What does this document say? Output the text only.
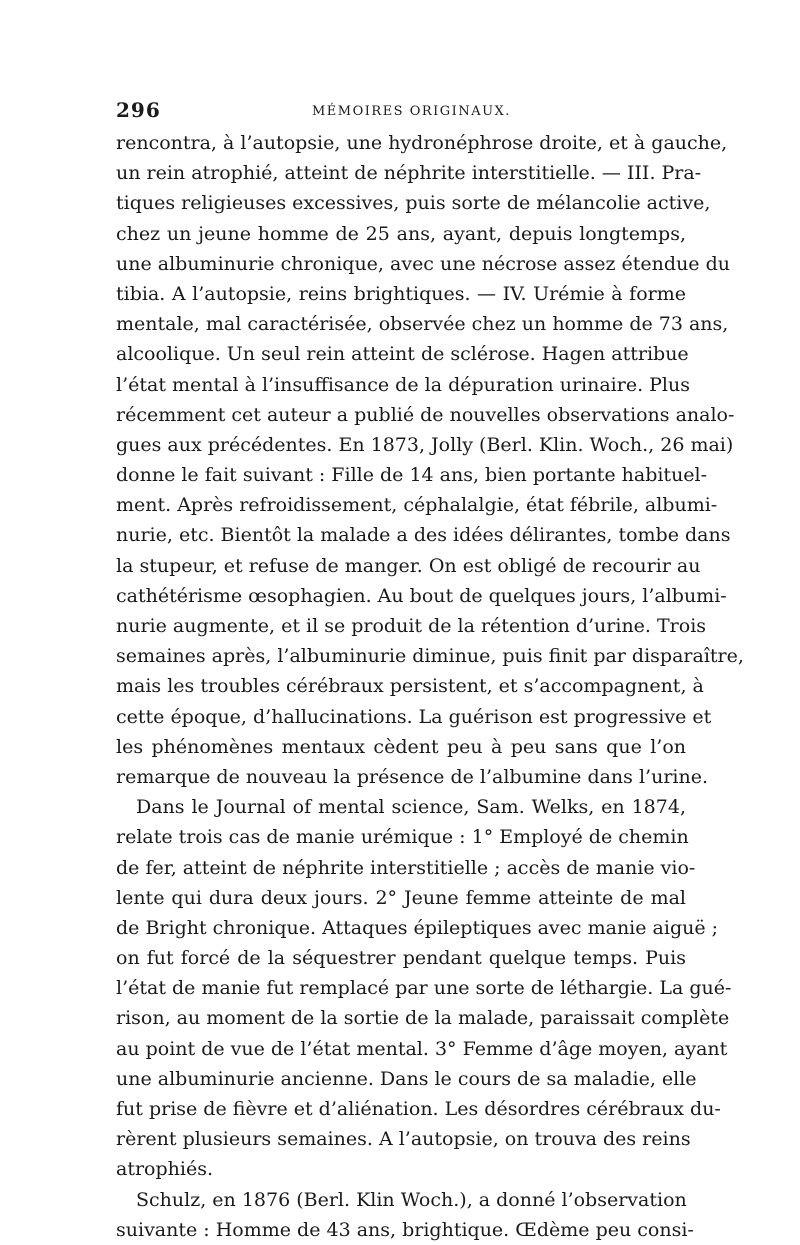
296	MÉMOIRES ORIGINAUX.
rencontra, à l’autopsie, une hydronéphrose droite, et à gauche,
un rein atrophié, atteint de néphrite interstitielle. — III. Pra-
tiques religieuses excessives, puis sorte de mélancolie active,
chez un jeune homme de 25 ans, ayant, depuis longtemps,
une albuminurie chronique, avec une nécrose assez étendue du
tibia. A l’autopsie, reins brightiques. — IV. Urémie à forme
mentale, mal caractérisée, observée chez un homme de 73 ans,
alcoolique. Un seul rein atteint de sclérose. Hagen attribue
l’état mental à l’insuffisance de la dépuration urinaire. Plus
récemment cet auteur a publié de nouvelles observations analo-
gues aux précédentes. En 1873, Jolly (Berl. Klin. Woch., 26 mai)
donne le fait suivant : Fille de 14 ans, bien portante habituel-
ment. Après refroidissement, céphalalgie, état fébrile, albumi-
nurie, etc. Bientôt la malade a des idées délirantes, tombe dans
la stupeur, et refuse de manger. On est obligé de recourir au
cathétérisme œsophagien. Au bout de quelques jours, l’albumi-
nurie augmente, et il se produit de la rétention d’urine. Trois
semaines après, l’albuminurie diminue, puis finit par disparaître,
mais les troubles cérébraux persistent, et s’accompagnent, à
cette époque, d’hallucinations. La guérison est progressive et
les phénomènes mentaux cèdent peu à peu sans que l’on
remarque de nouveau la présence de l’albumine dans l’urine.
Dans le Journal of mental science, Sam. Welks, en 1874,
relate trois cas de manie urémique : 1° Employé de chemin
de fer, atteint de néphrite interstitielle ; accès de manie vio-
lente qui dura deux jours. 2° Jeune femme atteinte de mal
de Bright chronique. Attaques épileptiques avec manie aiguë ;
on fut forcé de la séquestrer pendant quelque temps. Puis
l’état de manie fut remplacé par une sorte de léthargie. La gué-
rison, au moment de la sortie de la malade, paraissait complète
au point de vue de l’état mental. 3° Femme d’âge moyen, ayant
une albuminurie ancienne. Dans le cours de sa maladie, elle
fut prise de fièvre et d’aliénation. Les désordres cérébraux du-
rèrent plusieurs semaines. A l’autopsie, on trouva des reins
atrophiés.
Schulz, en 1876 (Berl. Klin Woch.), a donné l’observation
suivante : Homme de 43 ans, brightique. Œdème peu consi-
